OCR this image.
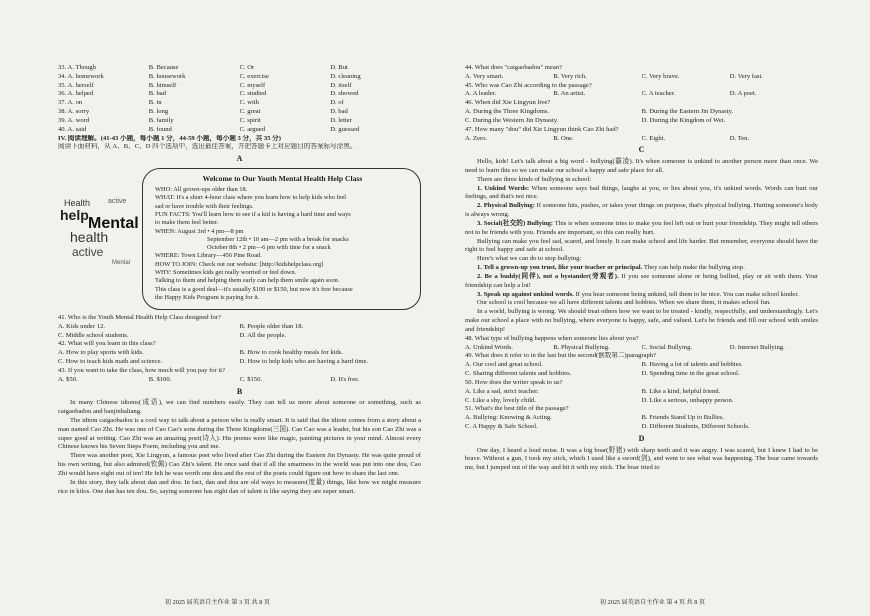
33. A. Though	B. Because	C. Or	D. But
34. A. homework	B. housework	C. exercise	D. cleaning
35. A. herself	B. himself	C. myself	D. itself
36. A. helped	B. bad	C. studied	D. showed
37. A. on	B. in	C. with	D. of
38. A. sorry	B. long	C. great	D. bad
39. A. word	B. family	C. spirit	D. letter
40. A. said	B. found	C. argued	D. guessed
IV. 阅读理解。(41-43 小题，每小题 1 分，44-59 小题，每小题 3 分，共 35 分)
阅读下面材料，从 A、B、C、D 四个选项中，选出最佳答案，并把答题卡上对应题目的答案标号涂黑。
A
Health	active
help Mental
health
active
Mental
Welcome to Our Youth Mental Health Help Class
WHO: All grown-ups older than 18.
WHAT: It's a short 4-hour class where you learn how to help kids who feel
sad or have trouble with their feelings.
FUN FACTS: You'll learn how to see if a kid is having a hard time and ways
to make them feel better.
WHEN: August 3rd • 4 pm—8 pm
September 12th • 10 am—2 pm with a break for snacks
October 8th • 2 pm—6 pm with time for a snack
WHERE: Town Library—456 Pine Road.
HOW TO JOIN: Check out our website: [http://kidshelpclass.org]
WHY: Sometimes kids get really worried or feel down.
Talking to them and helping them early can help them smile again soon.
This class is a good deal—it's usually $100 or $150, but now it's free because
the Happy Kids Program is paying for it.
41. Who is the Youth Mental Health Help Class designed for?
A. Kids under 12.	B. People older than 18.
C. Middle school students.	D. All the people.
42. What will you learn in this class?
A. How to play sports with kids.	B. How to cook healthy meals for kids.
C. How to teach kids math and science.	D. How to help kids who are having a hard time.
43. If you want to take the class, how much will you pay for it?
A. $50.	B. $100.	C. $150.	D. It's free.
B

In many Chinese idioms(成语), we can find numbers easily. They can tell us more about someone or something, such as caigaobadou and banjinbaliang.

The idiom caigaobadou is a cool way to talk about a person who is really smart. It is said that the idiom comes from a story about a man named Cao Zhi. He was one of Cao Cao's sons during the Three Kingdoms(三国). Cao Cao was a leader, but his son Cao Zhi was a super good at writing. Cao Zhi was an amazing poet(诗人). His poems were like magic, painting pictures in your mind. Almost every Chinese knows his Seven Steps Poem, including you and me.

There was another poet, Xie Lingyun, a famous poet who lived after Cao Zhi during the Eastern Jin Dynasty. He was quite proud of his own writing, but also admired(钦佩) Cao Zhi's talent. He once said that if all the smartness in the world was put into one dou, Cao Zhi would have eight out of ten! He felt he was worth one dou and the rest of the poets could figure out how to share the last one.

In this story, they talk about dan and dou. In fact, dan and dou are old ways to measure(度量) things, like how we might measure rice in kilos. One dan has ten dou. So, saying someone has eight dan of talent is like saying they are super smart.

初 2025 届英语自主作业 第 3 页 共 8 页
44. What does "caigaobadou" mean?
A. Very smart.	B. Very rich.	C. Very brave.	D. Very fast.
45. Who was Cao Zhi according to the passage?
A. A leader.	B. An artist.	C. A teacher.	D. A poet.
46. When did Xie Lingyun live?
A. During the Three Kingdoms.	B. During the Eastern Jin Dynasty.
C. During the Western Jin Dynasty.	D. During the Kingdom of Wei.
47. How many "dou" did Xie Lingyun think Cao Zhi had?
A. Zero.	B. One.	C. Eight.	D. Ten.
C

Hello, kids! Let's talk about a big word - bullying(霸凌). It's when someone is unkind to another person more than once. We need to learn this so we can make our school a happy and safe place for all.

There are three kinds of bullying in school:

1. Unkind Words: When someone says bad things, laughs at you, or lies about you, it's unkind words. Words can hurt our feelings, and that's not nice.

2. Physical Bullying: If someone hits, pushes, or takes your things on purpose, that's physical bullying. Hurting someone's body is always wrong.

3. Social(社交的) Bullying: This is when someone tries to make you feel left out or hurt your friendship. They might tell others not to be friends with you. Friends are important, so this can really hurt.

Bullying can make you feel sad, scared, and lonely. It can make school and life harder. But remember, everyone should have the right to feel happy and safe at school.

Here's what we can do to stop bullying:

1. Tell a grown-up you trust, like your teacher or principal. They can help make the bullying stop.

2. Be a buddy(同伴), not a bystander(旁观者). If you see someone alone or being bullied, play or sit with them. Your friendship can help a lot!

3. Speak up against unkind words. If you hear someone being unkind, tell them to be nice. You can make school kinder.

Our school is cool because we all have different talents and hobbies. When we share them, it makes school fun.

In a world, bullying is wrong. We should treat others how we want to be treated - kindly, respectfully, and understandingly. Let's make our school a place with no bullying, where everyone is happy, safe, and valued. Let's be friends and fill our school with smiles and friendship!

48. What type of bullying happens when someone lies about you?
A. Unkind Words.	B. Physical Bullying.	C. Social Bullying.	D. Internet Bullying.
49. What does it refer to in the last but the second(倒数第二)paragraph?
A. Our cool and great school.	B. Having a lot of talents and hobbies.
C. Sharing different talents and hobbies.	D. Spending time in the great school.
50. How does the writer speak to us?
A. Like a sad, strict teacher.	B. Like a kind, helpful friend.
C. Like a shy, lovely child.	D. Like a serious, unhappy person.
51. What's the best title of the passage?
A. Bullying: Knowing & Acting.	B. Friends Stand Up to Bullies.
C. A Happy & Safe School.	D. Different Students, Different Schools.
D

One day, I heard a loud noise. It was a big boar(野猪) with sharp teeth and it was angry. I was scared, but I knew I had to be brave. Without a gun, I took my stick, which I used like a sword(剑), and went to see what was happening. The boar came towards me, but I jumped out of the way and hit it with my stick. The boar tried to

初 2025 届英语自主作业 第 4 页 共 8 页
